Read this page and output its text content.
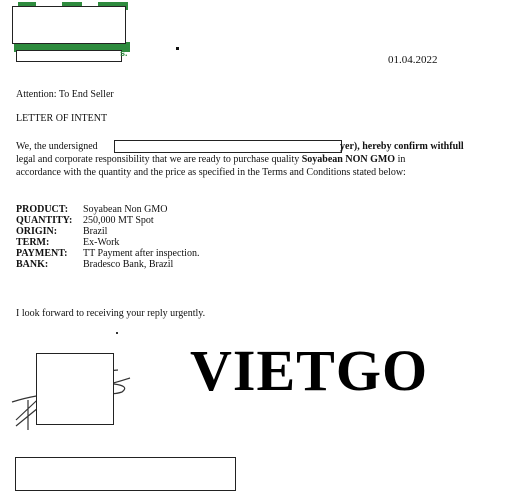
s.
01.04.2022
Attention: To End Seller
LETTER OF INTENT
We, the undersigned	yer), hereby confirm withfull
legal and corporate responsibility that we are ready to purchase quality Soyabean NON GMO in
accordance with the quantity and the price as specified in the Terms and Conditions stated below:
PRODUCT: Soyabean Non GMO
QUANTITY: 250,000 MT Spot
ORIGIN:	Brazil
TERM:	Ex-Work
PAYMENT: TT Payment after inspection.
BANK:	Bradesco Bank, Brazil
I look forward to receiving your reply urgently.
VIETGO
